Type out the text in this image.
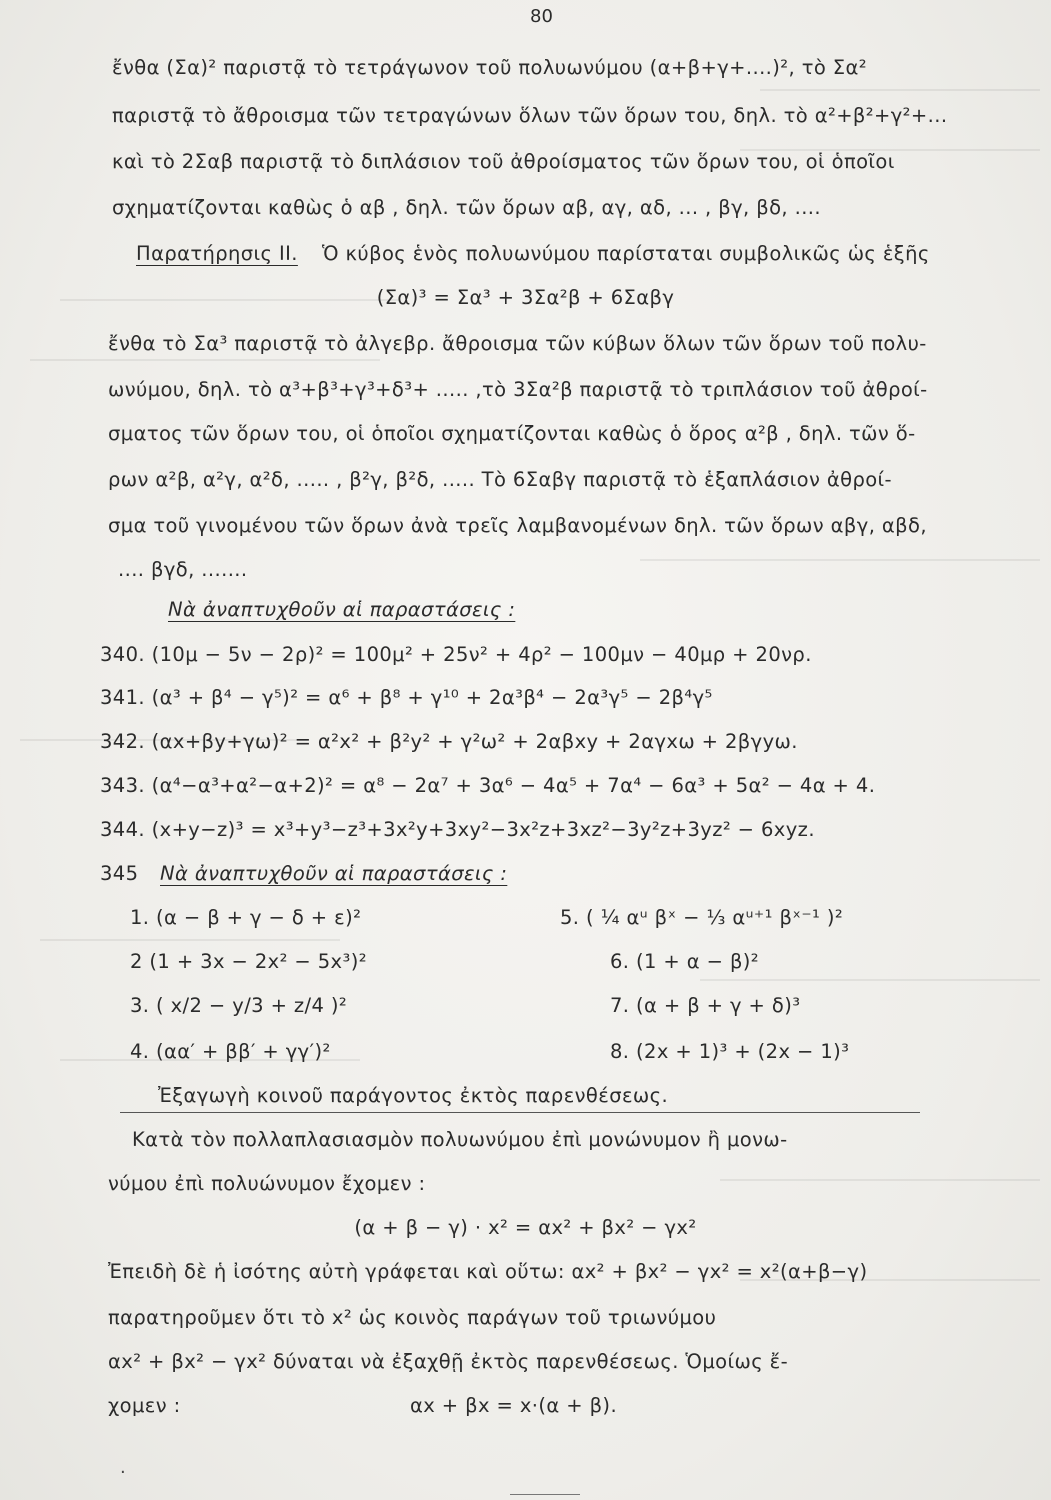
80
ἔνθα (Σα)² παριστᾷ τὸ τετράγωνον τοῦ πολυωνύμου (α+β+γ+....)², τὸ Σα²
παριστᾷ τὸ ἄθροισμα τῶν τετραγώνων ὅλων τῶν ὅρων του, δηλ. τὸ α²+β²+γ²+...
καὶ τὸ 2Σαβ παριστᾷ τὸ διπλάσιον τοῦ ἀθροίσματος τῶν ὅρων του, οἱ ὁποῖοι
σχηματίζονται καθὼς ὁ αβ , δηλ. τῶν ὅρων αβ, αγ, αδ, ... , βγ, βδ, ....
Παρατήρησις ΙΙ. Ὁ κύβος ἑνὸς πολυωνύμου παρίσταται συμβολικῶς ὡς ἑξῆς
(Σα)³ = Σα³ + 3Σα²β + 6Σαβγ
ἔνθα τὸ Σα³ παριστᾷ τὸ ἀλγεβρ. ἄθροισμα τῶν κύβων ὅλων τῶν ὅρων τοῦ πολυ-
ωνύμου, δηλ. τὸ α³+β³+γ³+δ³+ ..... ,τὸ 3Σα²β παριστᾷ τὸ τριπλάσιον τοῦ ἀθροί-
σματος τῶν ὅρων του, οἱ ὁποῖοι σχηματίζονται καθὼς ὁ ὅρος α²β , δηλ. τῶν ὅ-
ρων α²β, α²γ, α²δ, ..... , β²γ, β²δ, ..... Τὸ 6Σαβγ παριστᾷ τὸ ἑξαπλάσιον ἀθροί-
σμα τοῦ γινομένου τῶν ὅρων ἀνὰ τρεῖς λαμβανομένων δηλ. τῶν ὅρων αβγ, αβδ,
.... βγδ, .......
Νὰ ἀναπτυχθοῦν αἱ παραστάσεις :
340. (10μ − 5ν − 2ρ)² = 100μ² + 25ν² + 4ρ² − 100μν − 40μρ + 20νρ.
341. (α³ + β⁴ − γ⁵)² = α⁶ + β⁸ + γ¹⁰ + 2α³β⁴ − 2α³γ⁵ − 2β⁴γ⁵
342. (αx+βy+γω)² = α²x² + β²y² + γ²ω² + 2αβxy + 2αγxω + 2βγyω.
343. (α⁴−α³+α²−α+2)² = α⁸ − 2α⁷ + 3α⁶ − 4α⁵ + 7α⁴ − 6α³ + 5α² − 4α + 4.
344. (x+y−z)³ = x³+y³−z³+3x²y+3xy²−3x²z+3xz²−3y²z+3yz² − 6xyz.
345 Νὰ ἀναπτυχθοῦν αἱ παραστάσεις :
1. (α − β + γ − δ + ε)²	5. ( ¼ αᵘ βˣ − ⅓ αᵘ⁺¹ βˣ⁻¹ )²
2 (1 + 3x − 2x² − 5x³)²	6. (1 + α − β)²
3. ( x/2 − y/3 + z/4 )²	7. (α + β + γ + δ)³
4. (αα′ + ββ′ + γγ′)²	8. (2x + 1)³ + (2x − 1)³
Ἐξαγωγὴ κοινοῦ παράγοντος ἐκτὸς παρενθέσεως.
Κατὰ τὸν πολλαπλασιασμὸν πολυωνύμου ἐπὶ μονώνυμον ἢ μονω-
νύμου ἐπὶ πολυώνυμον ἔχομεν :
(α + β − γ) · x² = αx² + βx² − γx²
Ἐπειδὴ δὲ ἡ ἰσότης αὐτὴ γράφεται καὶ οὕτω: αx² + βx² − γx² = x²(α+β−γ)
παρατηροῦμεν ὅτι τὸ x² ὡς κοινὸς παράγων τοῦ τριωνύμου
αx² + βx² − γx² δύναται νὰ ἐξαχθῇ ἐκτὸς παρενθέσεως. Ὁμοίως ἔ-
χομεν :	αx + βx = x·(α + β).
·
